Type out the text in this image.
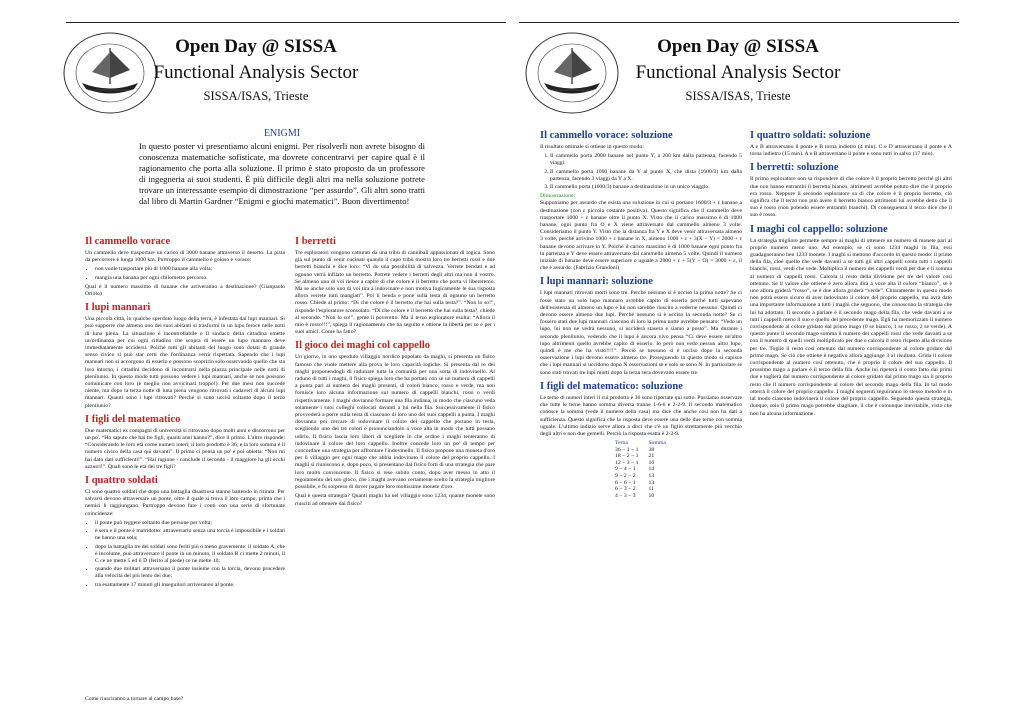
Open Day @ SISSA
Functional Analysis Sector
SISSA/ISAS, Trieste
ENIGMI
In questo poster vi presentiamo alcuni enigmi. Per risolverli non avrete bisogno di conoscenza matematiche sofisticate, ma dovrete concentrarvi per capire qual è il ragionamento che porta alla soluzione. Il primo è stato proposto da un professore di ingegneria ai suoi studenti. È più difficile degli altri ma nella soluzione potrete trovare un interessante esempio di dimostrazione “per assurdo”. Gli altri sono tratti dal libro di Martin Gardner “Enigmi e giochi matematici”. Buon divertimento!
Il cammello vorace

Un cammello deve trasportare un carico di 3000 banane attraverso il deserto. La pista da percorrere è lunga 1000 km. Purtroppo il cammello è goloso e vorace:

• non vuole trasportare più di 1000 banane alla volta;
• mangia una banana per ogni chilometro percorso.

Qual è il numero massimo di banane che arriveranno a destinazione? (Gianpaolo Oriolo)

I lupi mannari

Una piccola città, in qualche sperduto luogo della terra, è infestata dai lupi mannari. Si può supporre che almeno uno dei suoi abitanti si trasformi in un lupo feroce nelle notti di luna piena. La situazione è incontrollabile e il sindaco della cittadina emette un'ordinanza per cui ogni cittadino che scopra di essere un lupo mannaro deve immediatamente uccidersi. Poiché tutti gli abitanti del luogo sono dotati di grande senso civico si può star certi che l'ordinanza verrà rispettata. Sapendo che i lupi mannari non si accorgono di esserlo e possono scoprirlo solo osservando quello che sta loro intorno, i cittadini decidono di incontrarsi nella piazza principale nelle notti di plenilunio. In questo modo tutti possono vedere i lupi mannari, anche se non possono comunicare con loro (è meglio non avvicinasi troppo!). Per due mesi non succede niente, ma dopo la terza notte di luna piena vengono ritrovati i cadaveri di alcuni lupi mannari. Quanti sono i lupi ritrovati? Perché si sono uccisi soltanto dopo il terzo plenilunio?

I figli del matematico

Due matematici ex compagni di università si ritrovano dopo molti anni e discorrono per un po'. “Ho saputo che hai tre figli, quanti anni hanno?”, dice il primo. L'altro risponde: “Considerando le loro età come numeri interi, il loro prodotto è 36, e la loro somma è il numero civico della casa qui davanti”. Il primo ci pensa un po' e poi obietta: “Non mi hai dato dati sufficienti!”. “Hai ragione - conclude il secondo - il maggiore ha gli occhi azzurri!”. Quali sono le età dei tre figli?

I quattro soldati

Ci sono quattro soldati che dopo una battaglia disastrosa stanno battendo in ritirata. Per salvarsi devono attraversare un ponte, oltre il quale si trova il loro campo, prima che i nemici li raggiungano. Purtroppo devono fare i conti con una serie di sfortunate coincidenze:

• il ponte può reggere soltanto due persone per volta;
• è sera e il ponte è malridotto: attraversarlo senza una torcia è impossibile e i soldati ne hanno una sola;
• dopo la battaglia tre dei soldati sono feriti più o meno gravemente: il soldato A, che è incolume, può attraversare il ponte in un minuto, il soldato B ci mette 2 minuti, il C ce ne mette 5 ed il D (ferito al piede) ce ne mette 10;
• quando due militari attraversano il ponte insieme con la torcia, devono procedere alla velocità del più lento dei due;
• tra esattamente 17 minuti gli inseguitori arriveranno al ponte.
Come riusciranno a tornare al campo base?
I berretti

Tre esploratori vengono catturati da una tribù di cannibali appassionati di logica. Sono già sul punto di venir cucinati quando il capo tribù mostra loro tre berretti rossi e due berretti bianchi e dice loro: “Vi do una possibilità di salvezza. Verrete bendati e ad ognuno verrà infilato un berretto. Potrete vedere i berretti degli altri ma non il vostro. Se almeno uno di voi riesce a capire di che colore è il berretto che porta vi libereremo. Ma se anche solo uno di voi tira a indovinare e non motiva logicamente le sua risposta allora verrete tutti mangiati”. Poi li benda e pone sulla testa di ognuno un berretto rosso. Chiede al primo: “Di che colore è il berretto che hai sulla testa?”. “Non lo so!”, risponde l'esploratore sconsolato. “Di che colore è il berretto che hai sulla testa?, chiede al secondo. “Non lo so!”, geme il poveretto. Ma il terzo esploratore esulta: “Allora il mio è rosso!!!”, spiega il ragionamento che ha seguito e ottiene la libertà per se e per i suoi amici. Come ha fatto?

Il gioco dei maghi col cappello

Un giorno, in uno sperduto villaggio nordico popolato da maghi, si presenta un fisico famoso che vuole mettere alla prova le loro capacità logiche. Si presenta dal re dei maghi proponendogli di radunare tutta la comunità per una sorta di indovinello. Al raduno di tutti i maghi, il fisico spiega loro che ha portato con se un numero di cappelli a punta pari al numero dei maghi presenti, di colori bianco, rosso e verde, ma non fornisce loro alcuna informazione sul numero di cappelli bianchi, rossi o verdi rispettivamente. I maghi dovranno formare una fila indiana, in modo che ciascuno veda solamente i suoi colleghi collocati davanti a lui nella fila. Successivamente il fisico provvederà a porre sulla testa di ciascuno di loro uno dei suoi cappelli a punta. I maghi dovranno poi cercare di indovinare il colore del cappello che portano in testa, scegliendo uno dei tre colori e pronunciandolo a voce alta in modo che tutti possano udirlo. Il fisico lascia loro liberi di scegliere in che ordine i maghi tenteranno di indovinare il colore del loro cappello. Inoltre concede loro un po' di tempo per concordare una strategia per affrontare l'indovinello. Il fisico propone una moneta d'oro per il villaggio per ogni mago che abbia indovinato il colore del proprio cappello. I maghi si riuniscono e, dopo poco, si presentano dal fisico forti di una strategia che pare loro molto convincente. Il fisico si rese subito conto, dopo aver messo in atto il regolamento del suo gioco, che i maghi avevano certamente scelto la strategia migliore possibile, e fu sorpreso di dover pagare loro moltissime monete d'oro.

Qual è questa strategia? Quanti maghi ha nel villaggio sono 1234, quante monete sono riusciti ad ottenere dal fisico?

Open Day @ SISSA
Functional Analysis Sector
SISSA/ISAS, Trieste
Il cammello vorace: soluzione

Il risultato ottimale si ottiene in questo modo:

1. Il cammello porta 2000 banane nel punto Y, a 200 km dalla partenza, facendo 5 viaggi.
2. Il cammello porta 1000 banane da Y al punto X, che dista (1600/3) km dalla partenza, facendo 3 viaggi da Y a X.
3. Il cammello porta (1600/3) banane a destinazione in un unico viaggio.

Dimostrazione:

Supponiamo per assurdo che esista una soluzione in cui si portano 1600/3 + ε banane a destinazione (con ε piccola costante positiva). Questo significa che il cammello deve trasportare 1000 + ε banane oltre il punto X. Visto che il carico massimo è di 1000 banane, ogni punto fra O e X viene attraversato dal cammello almeno 3 volte. Consideriamo il punto Y. Visto che la distanza fra Y e X deve venir attraversata almeno 3 volte, perché arrivino 1000 + ε banane in X, almeno 1000 + ε + 3(X − Y) = 2000 + ε banane devono arrivare in Y. Poiché il carico massimo è di 1000 banane ogni punto fra la partenza e Y deve essere attraversato dal cammello almeno 5 volte. Quindi il numero iniziale di banane deve essere superiore o uguale a 2000 + ε + 5(Y − O) = 3000 + ε, il che è assurdo. (Fabrizio Grandoni)

I lupi mannari: soluzione

I lupi mannari ritrovati morti sono tre. Perché nessuno si è ucciso la prima notte? Se ci fosse stato un solo lupo mannaro avrebbe capito di esserlo perché tutti sapevano dell'esistenza di almeno un lupo e lui non sarebbe riuscito a vederne nessuno. Quindi ci devono essere almeno due lupi. Perché nessuno si è ucciso la seconda notte? Se ci fossero stati due lupi mannari ciascuno di loro la prima notte avrebbe pensato: “Vedo un lupo, lui non ne vedrà nessuno, si ucciderà stasera e siamo a posto”. Ma durante i secondo plenilunio, vedendo che il lupo è ancora vivo pensa “Ci deve essere un'altro lupo altrimenti quello avrebbe capito di esserlo. Io però non vedo nessun altro lupo, quindi è me che ha visto!!!!”. Perciò se nessuno si è ucciso dopo la seconda osservazione i lupi devono essere almeno tre. Proseguendo in questo modo si capisce che i lupi mannari si uccidono dopo N osservazioni se e solo se sono N. In particolare se sono stati trovati tre lupi morti dopo la terza sera dovevano essere tre.

I figli del matematico: soluzione

Le terne di numeri interi il cui prodotto è 36 sono riportate qui sotto. Possiamo osservare che tutte le terne hanno somma diversa tranne 1-6-6 e 2-2-9. Il secondo matematico conosce la somma (vede il numero della casa) ma dice che anche così non ha dati a sufficienza. Questo significa che la risposta deve essere una delle due terne con somma uguale. L'ultimo indizio serve allora a dirci che c'è un figlio strettamente più vecchio degli altri e non due gemelli. Perciò la risposta esatta è 2-2-9.

Terna	Somma
36 − 1 − 1	38
18 − 2 − 1	21
12 − 3 − 1	16
9 − 4 − 1	14
9 − 2 − 2	13
6 − 6 − 1	13
6 − 3 − 2	11
4 − 3 − 3	10
I quattro soldati: soluzione

A e B attraversano il ponte e B torna indietro (4 min). C e D attraversano il ponte e A torna indietro (15 min). A e B attraversano il ponte e sono tutti in salvo (17 min).

I berretti: soluzione

Il primo esploratore non sa rispondere di che colore è il proprio berretto perché gli altri due non hanno entrambi il berretto bianco, altrimenti avrebbe potuto dire che il proprio era rosso. Neppure il secondo esploratore sa di che colore è il proprio berretto, ciò significa che il terzo non può avere il berretto bianco altrimenti lui avrebbe detto che il suo è rosso (non potendo essere entrambi bianchi). Di conseguenza il terzo dice che il suo è rosso.

I maghi col cappello: soluzione

La strategia migliore permette sempre ai maghi di ottenere un numero di monete pari al proprio numero meno uno. Ad esempio, se ci sono 1234 maghi in fila, essi guadagneranno ben 1233 monete. I maghi si mettono d'accordo in questo modo: il primo della fila, cioè quello che vede davanti a se tutti gli altri cappelli conta tutti i cappelli bianchi, rossi, verdi che vede. Moltiplica il numero dei cappelli verdi per due e li somma al numero di cappelli rossi. Calcola il resto della divisione per tre del valore così ottenuto. Se il valore che ottiene è zero allora dirà a voce alta il colore “bianco”, se è uno allora griderà “rosso”, se è due allora griderà “verde”. Chiaramente in questo modo non potrà essere sicuro di aver indovinato il colore del proprio cappello, ma avrà dato una importante informazione a tutti i maghi che seguono, che conoscono la strategia che lui ha adottato. Il secondo a parlare è il secondo mago della fila, che vede davanti a se tutti i cappelli meno il suo e quello del precedente mago. Egli ha memorizzato il numero corrispondente al colore gridato dal primo mago (0 se bianco, 1 se rosso, 2 se verde). A questo punto il secondo mago somma il numero dei cappelli rossi che vede davanti a se con il numero di quelli verdi moltiplicato per due e calcola il resto rispetto alla divisione per tre. Toglie il resto così ottenuto dal numero corrispondente al colore gridato dal primo mago. Se ciò che ottiene è negativo allora aggiunge 3 al risultato. Grida il colore corrispondente al numero così ottenuto, che è proprio il colore del suo cappello. Il prossimo mago a parlare è il terzo della fila. Anche lui ripeterà il conto fatto dai primi due e toglierà dal numero corrispondente al colore gridato dal primo mago sia il proprio resto che il numero corrispondente al colore del secondo mago della fila. In tal modo otterrà il colore del proprio cappello. I maghi seguenti seguiranno lo stesso metodo e in tal modo ciascuno indovinerà il colore del proprio cappello. Seguendo questa strategia, dunque, solo il primo mago potrebbe sbagliare, il che è comunque inevitabile, visto che non ha alcuna informazione.
